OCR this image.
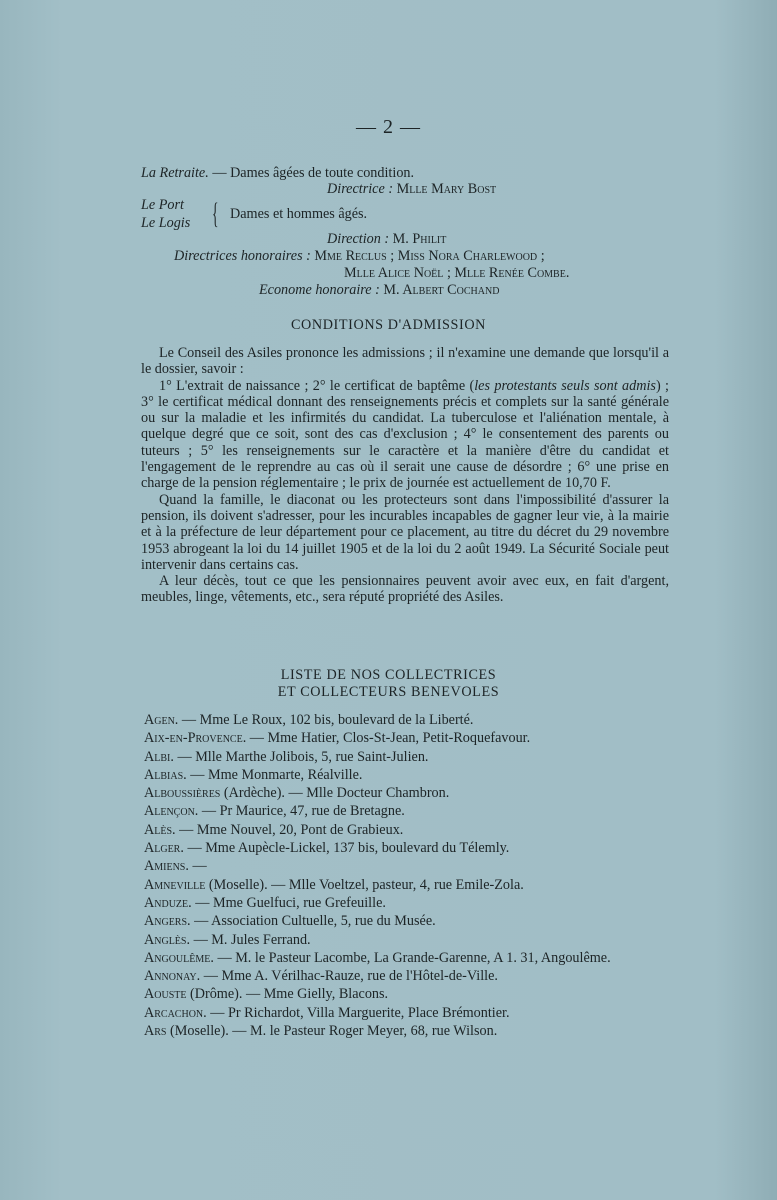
— 2 —
La Retraite. — Dames âgées de toute condition.
Directrice : Mlle Mary Bost
Le Port
Le Logis { Dames et hommes âgés.
Direction : M. Philit
Directrices honoraires : Mme Reclus ; Miss Nora Charlewood ;
Mlle Alice Noël ; Mlle Renée Combe.
Econome honoraire : M. Albert Cochand
CONDITIONS D'ADMISSION

Le Conseil des Asiles prononce les admissions ; il n'examine une demande que lorsqu'il a le dossier, savoir :

1° L'extrait de naissance ; 2° le certificat de baptême (les protestants seuls sont admis) ; 3° le certificat médical donnant des renseignements précis et complets sur la santé générale ou sur la maladie et les infirmités du candidat. La tuberculose et l'aliénation mentale, à quelque degré que ce soit, sont des cas d'exclusion ; 4° le consentement des parents ou tuteurs ; 5° les renseignements sur le caractère et la manière d'être du candidat et l'engagement de le reprendre au cas où il serait une cause de désordre ; 6° une prise en charge de la pension réglementaire ; le prix de journée est actuellement de 10,70 F.

Quand la famille, le diaconat ou les protecteurs sont dans l'impossibilité d'assurer la pension, ils doivent s'adresser, pour les incurables incapables de gagner leur vie, à la mairie et à la préfecture de leur département pour ce placement, au titre du décret du 29 novembre 1953 abrogeant la loi du 14 juillet 1905 et de la loi du 2 août 1949. La Sécurité Sociale peut intervenir dans certains cas.

A leur décès, tout ce que les pensionnaires peuvent avoir avec eux, en fait d'argent, meubles, linge, vêtements, etc., sera réputé propriété des Asiles.

LISTE DE NOS COLLECTRICES
ET COLLECTEURS BENEVOLES
Agen. — Mme Le Roux, 102 bis, boulevard de la Liberté.
Aix-en-Provence. — Mme Hatier, Clos-St-Jean, Petit-Roquefavour.
Albi. — Mlle Marthe Jolibois, 5, rue Saint-Julien.
Albias. — Mme Monmarte, Réalville.
Alboussières (Ardèche). — Mlle Docteur Chambron.
Alençon. — Pr Maurice, 47, rue de Bretagne.
Alès. — Mme Nouvel, 20, Pont de Grabieux.
Alger. — Mme Aupècle-Lickel, 137 bis, boulevard du Télemly.
Amiens. —
Amneville (Moselle). — Mlle Voeltzel, pasteur, 4, rue Emile-Zola.
Anduze. — Mme Guelfuci, rue Grefeuille.
Angers. — Association Cultuelle, 5, rue du Musée.
Anglès. — M. Jules Ferrand.
Angoulême. — M. le Pasteur Lacombe, La Grande-Garenne, A 1. 31, Angoulême.
Annonay. — Mme A. Vérilhac-Rauze, rue de l'Hôtel-de-Ville.
Aouste (Drôme). — Mme Gielly, Blacons.
Arcachon. — Pr Richardot, Villa Marguerite, Place Brémontier.
Ars (Moselle). — M. le Pasteur Roger Meyer, 68, rue Wilson.
